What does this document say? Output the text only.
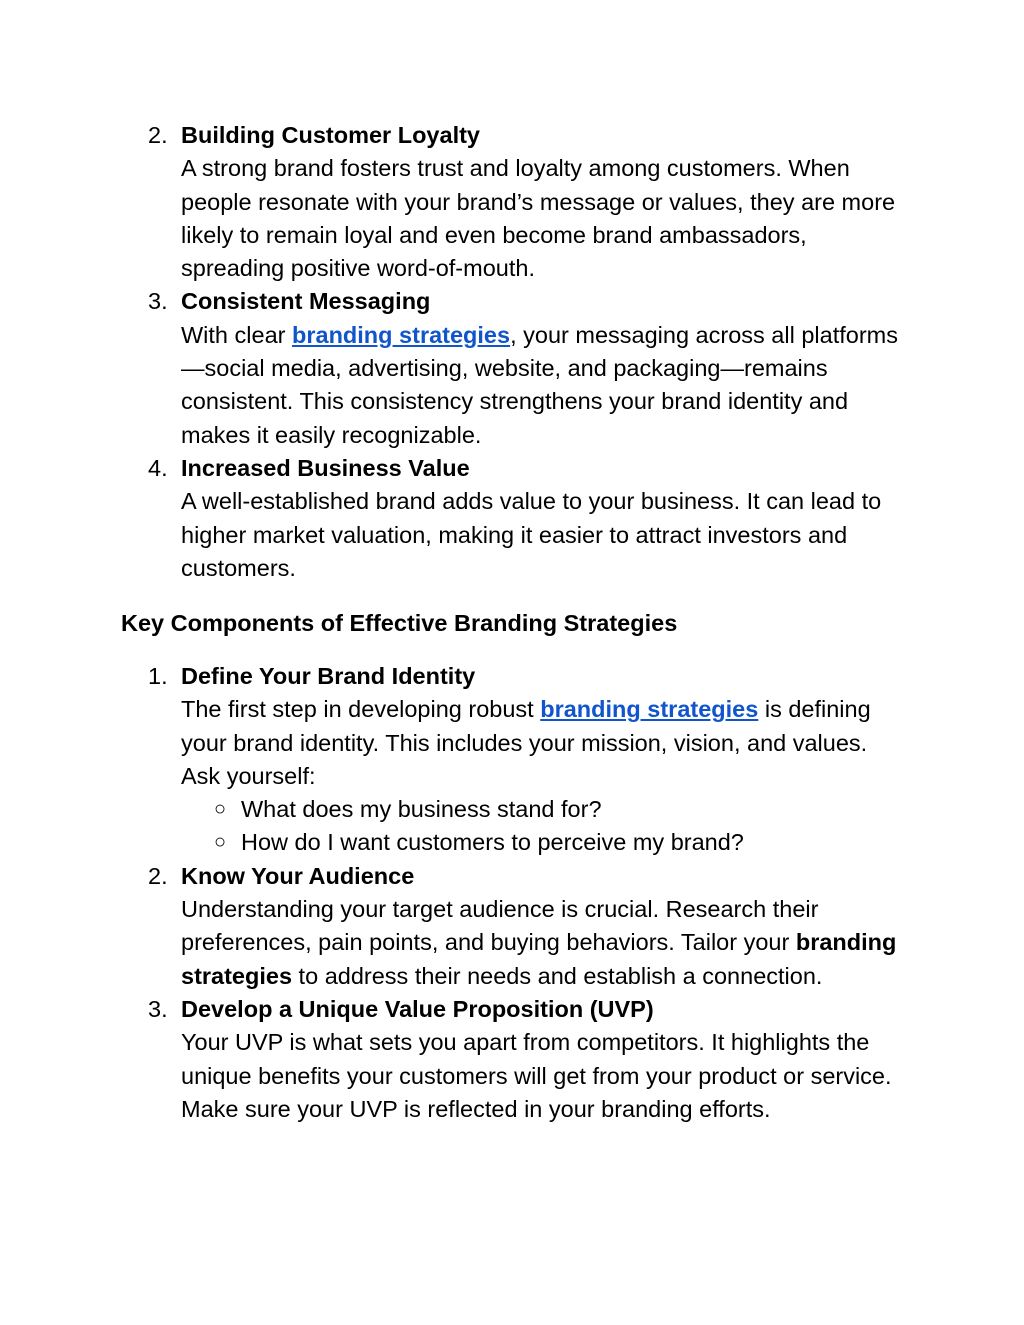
2. Building Customer Loyalty
A strong brand fosters trust and loyalty among customers. When people resonate with your brand’s message or values, they are more likely to remain loyal and even become brand ambassadors, spreading positive word-of-mouth.
3. Consistent Messaging
With clear branding strategies, your messaging across all platforms—social media, advertising, website, and packaging—remains consistent. This consistency strengthens your brand identity and makes it easily recognizable.
4. Increased Business Value
A well-established brand adds value to your business. It can lead to higher market valuation, making it easier to attract investors and customers.
Key Components of Effective Branding Strategies
1. Define Your Brand Identity
The first step in developing robust branding strategies is defining your brand identity. This includes your mission, vision, and values. Ask yourself:
○ What does my business stand for?
○ How do I want customers to perceive my brand?
2. Know Your Audience
Understanding your target audience is crucial. Research their preferences, pain points, and buying behaviors. Tailor your branding strategies to address their needs and establish a connection.
3. Develop a Unique Value Proposition (UVP)
Your UVP is what sets you apart from competitors. It highlights the unique benefits your customers will get from your product or service. Make sure your UVP is reflected in your branding efforts.
